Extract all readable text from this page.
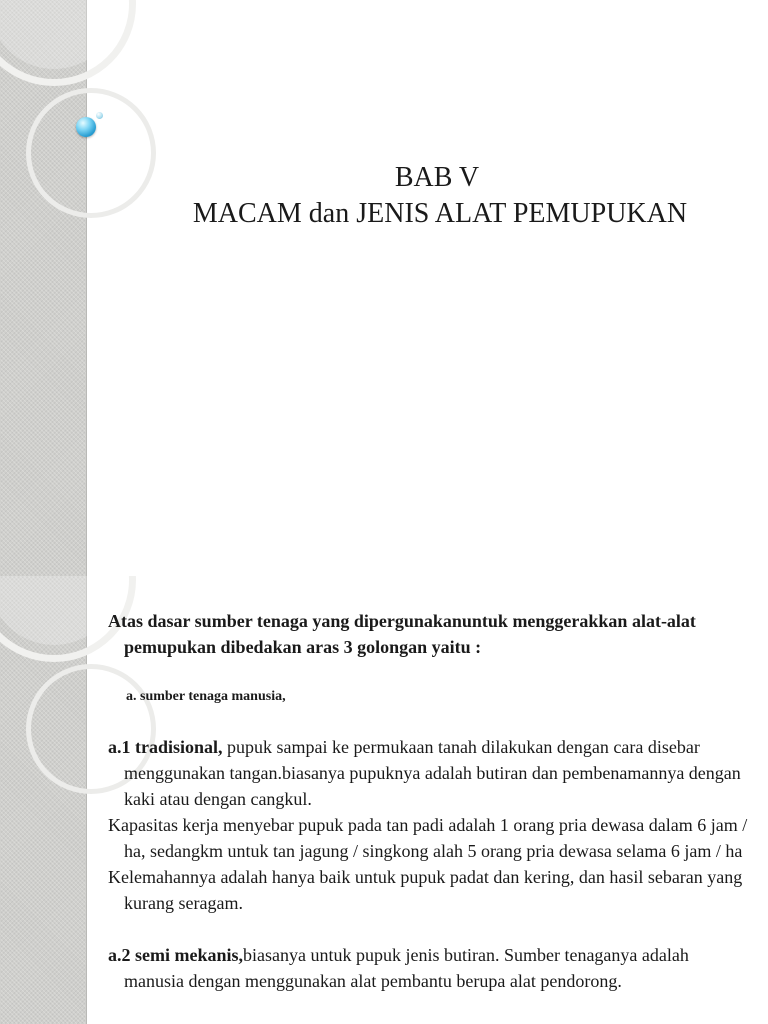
BAB V
MACAM dan JENIS ALAT PEMUPUKAN

Atas dasar sumber tenaga yang dipergunakanuntuk menggerakkan alat-alat pemupukan dibedakan aras 3 golongan yaitu :

a. sumber tenaga manusia,

a.1 tradisional, pupuk sampai ke permukaan tanah dilakukan dengan cara disebar menggunakan tangan.biasanya pupuknya adalah butiran dan pembenamannya dengan kaki atau dengan cangkul.

Kapasitas kerja menyebar pupuk pada tan padi adalah 1 orang pria dewasa dalam 6 jam / ha, sedangkm untuk tan jagung / singkong alah 5 orang pria dewasa selama 6 jam / ha

Kelemahannya adalah hanya baik untuk pupuk padat dan kering, dan hasil sebaran yang kurang seragam.

a.2 semi mekanis,biasanya untuk pupuk jenis butiran. Sumber tenaganya adalah manusia dengan menggunakan alat pembantu berupa alat pendorong.
